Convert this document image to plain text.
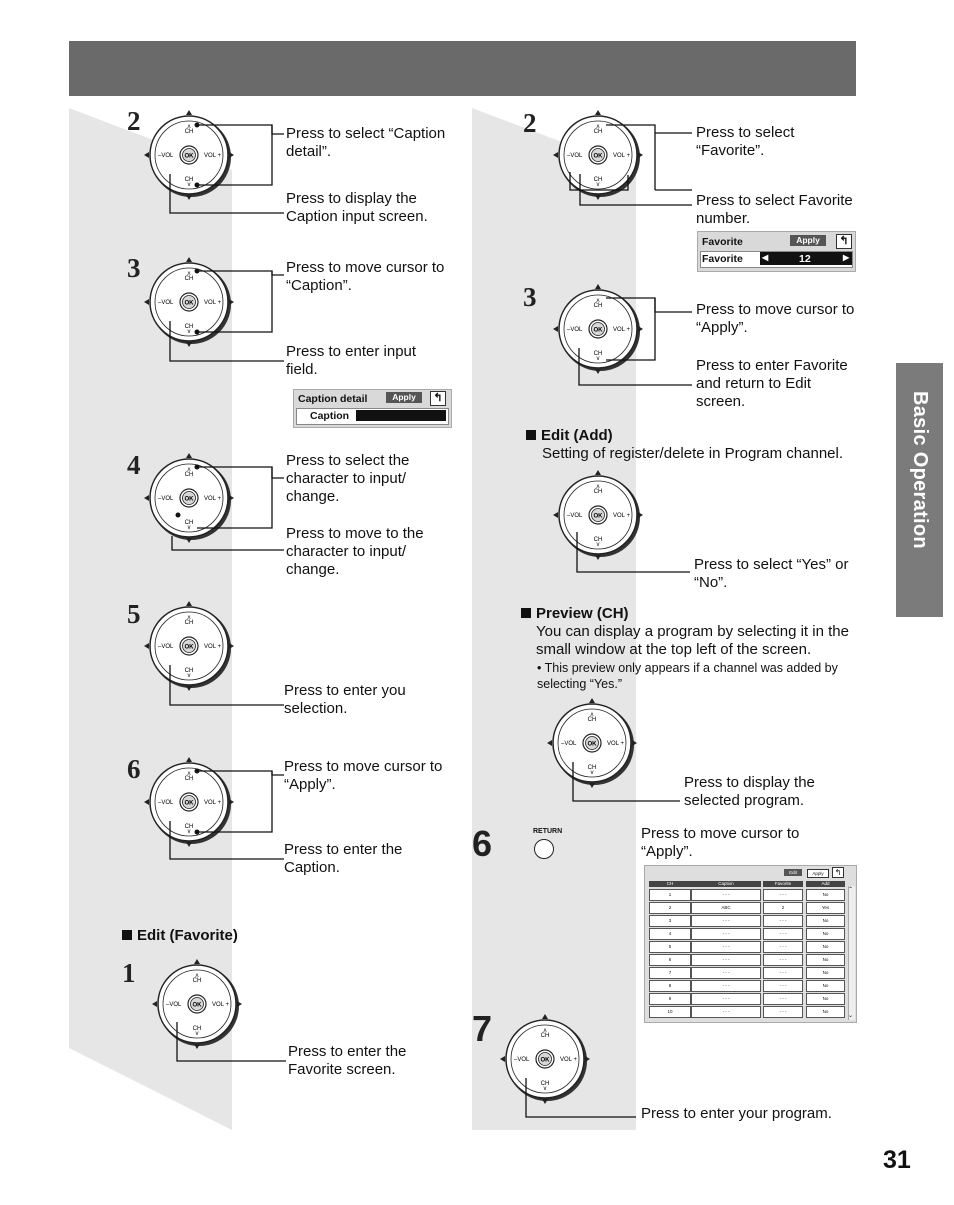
Basic Operation
31
2
3
4
5
6
Press to select “Caption detail”.
Press to display the Caption input screen.
Press to move cursor to “Caption”.
Press to enter input field.
Press to select the character to input/ change.
Press to move to the character to input/ change.
Press to enter you selection.
Press to move cursor to “Apply”.
Press to enter the Caption.
Caption detail	Apply	↰
Caption
Edit (Favorite)
1
Press to enter the Favorite screen.
2
3
Press to select “Favorite”.
Press to select Favorite number.
Press to move cursor to “Apply”.
Press to enter Favorite and return to Edit screen.
Favorite	Apply	↰
Favorite ◀	12	▶
Edit (Add)
Setting of register/delete in Program channel.
Press to select “Yes” or “No”.
Preview (CH)
You can display a program by selecting it in the small window at the top left of the screen.
• This preview only appears if a channel was added by selecting “Yes.”
Press to display the selected program.
6	RETURN	Press to move cursor to “Apply”.
7
Press to enter your program.
Edit	Apply	↰
CH	Caption	Favorite	Add
1	- - -	- - -	No
2	ABC	2	Yes
3	- - -	- - -	No
4	- - -	- - -	No
5	- - -	- - -	No
6	- - -	- - -	No
7	- - -	- - -	No
8	- - -	- - -	No
9	- - -	- - -	No
10	- - -	- - -	No
⌃
⌄
OK
ʌ
CH
CH
v
–VOL	VOL +
OK
ʌ
CH
CH
v
–VOL	VOL +
OK
ʌ
CH
CH
v
–VOL	VOL +
OK
ʌ
CH
CH
v
–VOL	VOL +
OK
ʌ
CH
CH
v
–VOL	VOL +
OK
ʌ
CH
CH
v
–VOL	VOL +
OK
ʌ
CH
CH
v
–VOL	VOL +
OK
ʌ
CH
CH
v
–VOL	VOL +
OK
ʌ
CH
CH
v
–VOL	VOL +
OK
ʌ
CH
CH
v
–VOL	VOL +
OK
ʌ
CH
CH
v
–VOL	VOL +
